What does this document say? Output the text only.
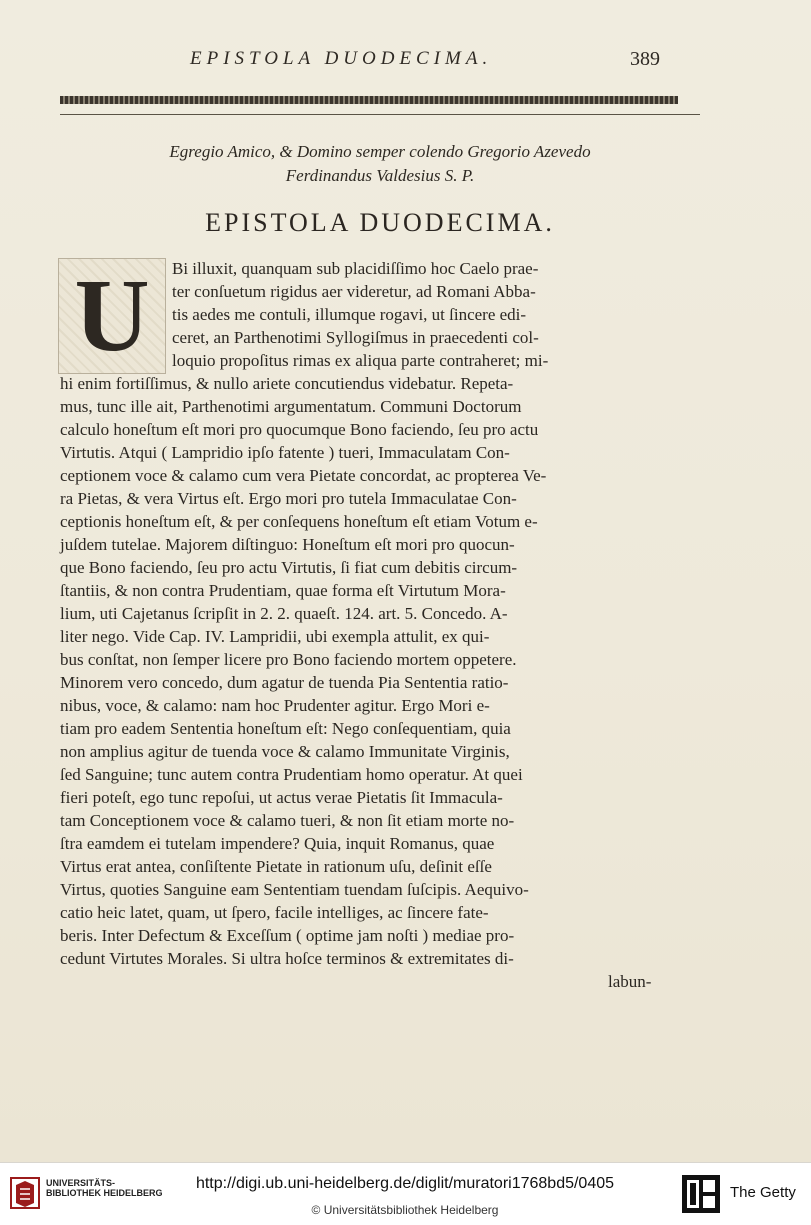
EPISTOLA DUODECIMA.	389
Egregio Amico, & Domino semper colendo Gregorio Azevedo
Ferdinandus Valdesius S. P.
EPISTOLA DUODECIMA.
U Bi illuxit, quanquam sub placidiſſimo hoc Caelo prae-
ter conſuetum rigidus aer videretur, ad Romani Abba-
tis aedes me contuli, illumque rogavi, ut ſincere edi-
ceret, an Parthenotimi Syllogiſmus in praecedenti col-
loquio propoſitus rimas ex aliqua parte contraheret; mi-
hi enim fortiſſimus, & nullo ariete concutiendus videbatur. Repeta-
mus, tunc ille ait, Parthenotimi argumentatum. Communi Doctorum
calculo honeſtum eſt mori pro quocumque Bono faciendo, ſeu pro actu
Virtutis. Atqui ( Lampridio ipſo fatente ) tueri, Immaculatam Con-
ceptionem voce & calamo cum vera Pietate concordat, ac propterea Ve-
ra Pietas, & vera Virtus eſt. Ergo mori pro tutela Immaculatae Con-
ceptionis honeſtum eſt, & per conſequens honeſtum eſt etiam Votum e-
juſdem tutelae. Majorem diſtinguo: Honeſtum eſt mori pro quocun-
que Bono faciendo, ſeu pro actu Virtutis, ſi fiat cum debitis circum-
ſtantiis, & non contra Prudentiam, quae forma eſt Virtutum Mora-
lium, uti Cajetanus ſcripſit in 2. 2. quaeſt. 124. art. 5. Concedo. A-
liter nego. Vide Cap. IV. Lampridii, ubi exempla attulit, ex qui-
bus conſtat, non ſemper licere pro Bono faciendo mortem oppetere.
Minorem vero concedo, dum agatur de tuenda Pia Sententia ratio-
nibus, voce, & calamo: nam hoc Prudenter agitur. Ergo Mori e-
tiam pro eadem Sententia honeſtum eſt: Nego conſequentiam, quia
non amplius agitur de tuenda voce & calamo Immunitate Virginis,
ſed Sanguine; tunc autem contra Prudentiam homo operatur. At quei
fieri poteſt, ego tunc repoſui, ut actus verae Pietatis ſit Immacula-
tam Conceptionem voce & calamo tueri, & non ſit etiam morte no-
ſtra eamdem ei tutelam impendere? Quia, inquit Romanus, quae
Virtus erat antea, conſiſtente Pietate in rationum uſu, deſinit eſſe
Virtus, quoties Sanguine eam Sententiam tuendam ſuſcipis. Aequivo-
catio heic latet, quam, ut ſpero, facile intelliges, ac ſincere fate-
beris. Inter Defectum & Exceſſum ( optime jam noſti ) mediae pro-
cedunt Virtutes Morales. Si ultra hoſce terminos & extremitates di-
labun-
UNIVERSITÄTS- BIBLIOTHEK HEIDELBERG
http://digi.ub.uni-heidelberg.de/diglit/muratori1768bd5/0405
© Universitätsbibliothek Heidelberg
The Getty
